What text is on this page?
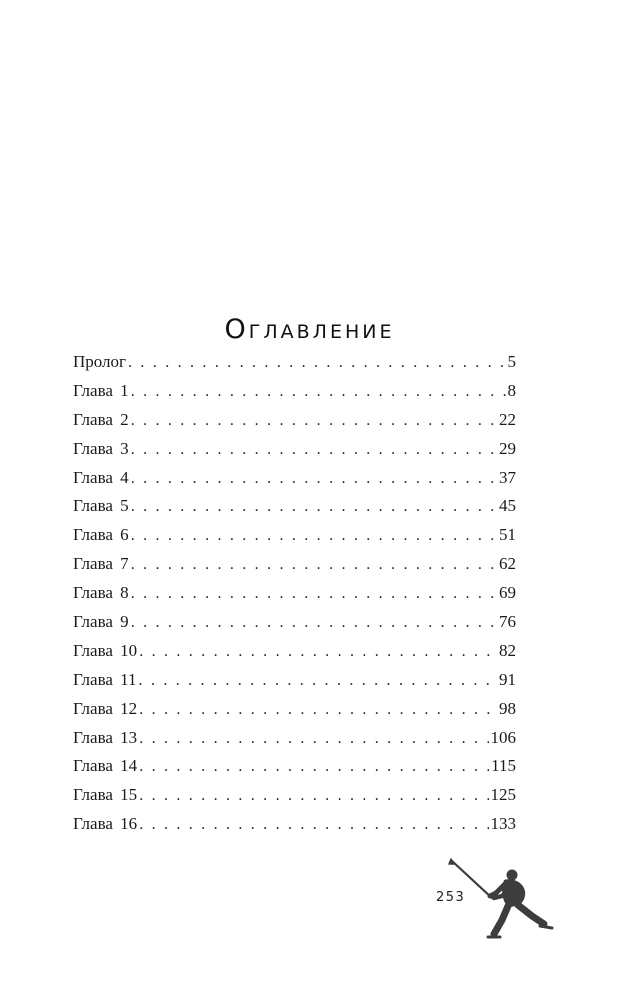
Оглавление
Пролог . . .	5
Глава 1 . . .	8
Глава 2 . . .	22
Глава 3 . . .	29
Глава 4 . . .	37
Глава 5 . . .	45
Глава 6 . . .	51
Глава 7 . . .	62
Глава 8 . . .	69
Глава 9 . . .	76
Глава 10 . . .	82
Глава 11 . . .	91
Глава 12 . . .	98
Глава 13 . . .	106
Глава 14 . . .	115
Глава 15 . . .	125
Глава 16 . . .	133
253
